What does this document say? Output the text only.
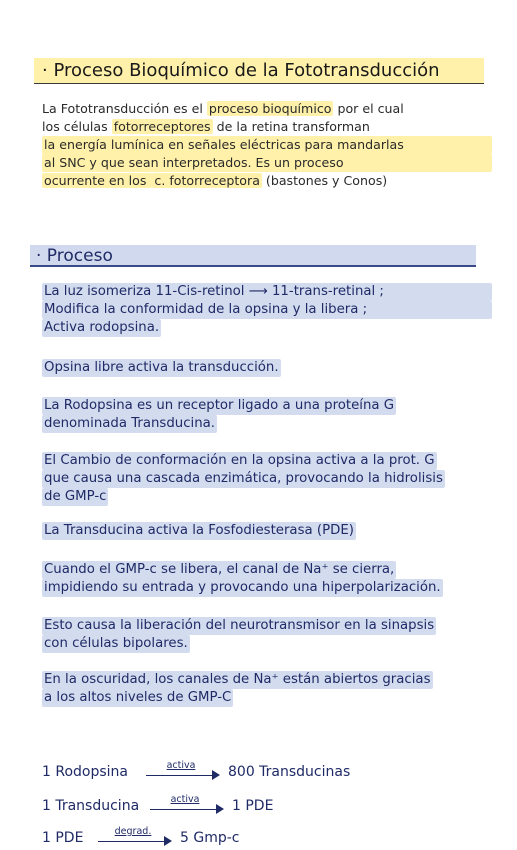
· Proceso Bioquímico de la Fototransducción
La Fototransducción es el proceso bioquímico por el cual
los células fotorreceptores de la retina transforman
la energía lumínica en señales eléctricas para mandarlas
al SNC y que sean interpretados. Es un proceso
ocurrente en los c. fotorreceptora (bastones y Conos)
· Proceso
La luz isomeriza 11-Cis-retinol ⟶ 11-trans-retinal ;
Modifica la conformidad de la opsina y la libera ;
Activa rodopsina.
Opsina libre activa la transducción.
La Rodopsina es un receptor ligado a una proteína G
denominada Transducina.
El Cambio de conformación en la opsina activa a la prot. G
que causa una cascada enzimática, provocando la hidrolisis
de GMP-c
La Transducina activa la Fosfodiesterasa (PDE)
Cuando el GMP-c se libera, el canal de Na⁺ se cierra,
impidiendo su entrada y provocando una hiperpolarización.
Esto causa la liberación del neurotransmisor en la sinapsis
con células bipolares.
En la oscuridad, los canales de Na⁺ están abiertos gracias
a los altos niveles de GMP-C
1 Rodopsina	activa	800 Transducinas
1 Transducina	activa	1 PDE
1 PDE	degrad.	5 Gmp-c
